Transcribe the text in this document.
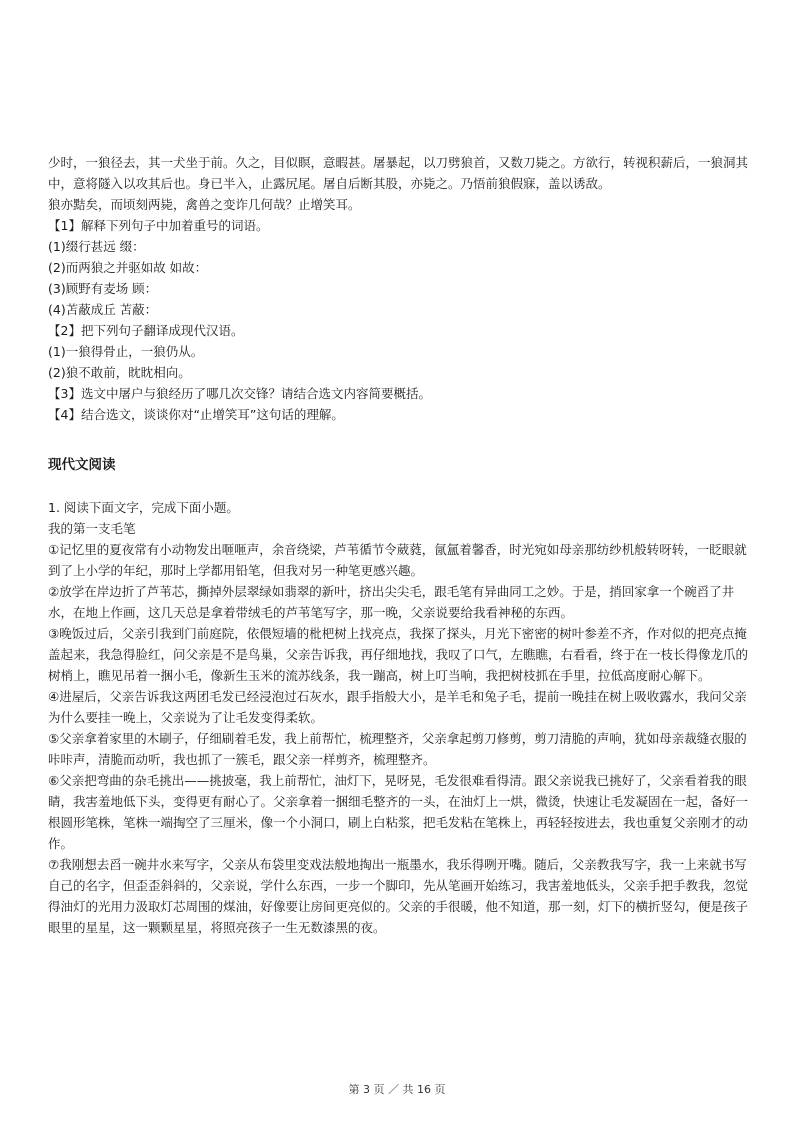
少时，一狼径去，其一犬坐于前。久之，目似瞑，意暇甚。屠暴起，以刀劈狼首，又数刀毙之。方欲行，转视积薪后，一狼洞其中，意将隧入以攻其后也。身已半入，止露尻尾。屠自后断其股，亦毙之。乃悟前狼假寐，盖以诱敌。

狼亦黠矣，而顷刻两毙，禽兽之变诈几何哉？止增笑耳。

【1】解释下列句子中加着重号的词语。

(1)缀行甚远 缀：

(2)而两狼之并驱如故 如故：

(3)顾野有麦场 顾：

(4)苫蔽成丘 苫蔽：

【2】把下列句子翻译成现代汉语。

(1)一狼得骨止，一狼仍从。

(2)狼不敢前，眈眈相向。

【3】选文中屠户与狼经历了哪几次交锋？请结合选文内容简要概括。

【4】结合选文，谈谈你对“止增笑耳”这句话的理解。

现代文阅读

1. 阅读下面文字，完成下面小题。

我的第一支毛笔

①记忆里的夏夜常有小动物发出咂咂声，余音绕梁，芦苇循节令葳蕤，氤氲着馨香，时光宛如母亲那纺纱机般转呀转，一眨眼就到了上小学的年纪，那时上学都用铅笔，但我对另一种笔更感兴趣。

②放学在岸边折了芦苇芯，撕掉外层翠绿如翡翠的新叶，挤出尖尖毛，跟毛笔有异曲同工之妙。于是，捎回家拿一个碗舀了井水，在地上作画，这几天总是拿着带绒毛的芦苇笔写字，那一晚，父亲说要给我看神秘的东西。

③晚饭过后，父亲引我到门前庭院，依偎短墙的枇杷树上找亮点，我探了探头，月光下密密的树叶参差不齐，作对似的把亮点掩盖起来，我急得脸红，问父亲是不是鸟巢，父亲告诉我，再仔细地找，我叹了口气，左瞧瞧，右看看，终于在一枝长得像龙爪的树梢上，瞧见吊着一捆小毛，像新生玉米的流苏线条，我一蹦高，树上叮当响，我把树枝抓在手里，拉低高度耐心解下。

④进屋后，父亲告诉我这两团毛发已经浸泡过石灰水，跟手指般大小，是羊毛和兔子毛，提前一晚挂在树上吸收露水，我问父亲为什么要挂一晚上，父亲说为了让毛发变得柔软。

⑤父亲拿着家里的木刷子，仔细刷着毛发，我上前帮忙，梳理整齐，父亲拿起剪刀修剪，剪刀清脆的声响，犹如母亲裁缝衣服的咔咔声，清脆而动听，我也抓了一簇毛，跟父亲一样剪齐，梳理整齐。

⑥父亲把弯曲的杂毛挑出——挑披毫，我上前帮忙，油灯下，晃呀晃，毛发很难看得清。跟父亲说我已挑好了，父亲看着我的眼睛，我害羞地低下头，变得更有耐心了。父亲拿着一捆细毛整齐的一头，在油灯上一烘，微烫，快速让毛发凝固在一起，备好一根圆形笔株，笔株一端掏空了三厘米，像一个小洞口，刷上白粘浆，把毛发粘在笔株上，再轻轻按进去，我也重复父亲刚才的动作。

⑦我刚想去舀一碗井水来写字，父亲从布袋里变戏法般地掏出一瓶墨水，我乐得咧开嘴。随后，父亲教我写字，我一上来就书写自己的名字，但歪歪斜斜的，父亲说，学什么东西，一步一个脚印，先从笔画开始练习，我害羞地低头，父亲手把手教我，忽觉得油灯的光用力汲取灯芯周围的煤油，好像要让房间更亮似的。父亲的手很暖，他不知道，那一刻，灯下的横折竖勾，便是孩子眼里的星星，这一颗颗星星，将照亮孩子一生无数漆黑的夜。

第 3 页 ／ 共 16 页
